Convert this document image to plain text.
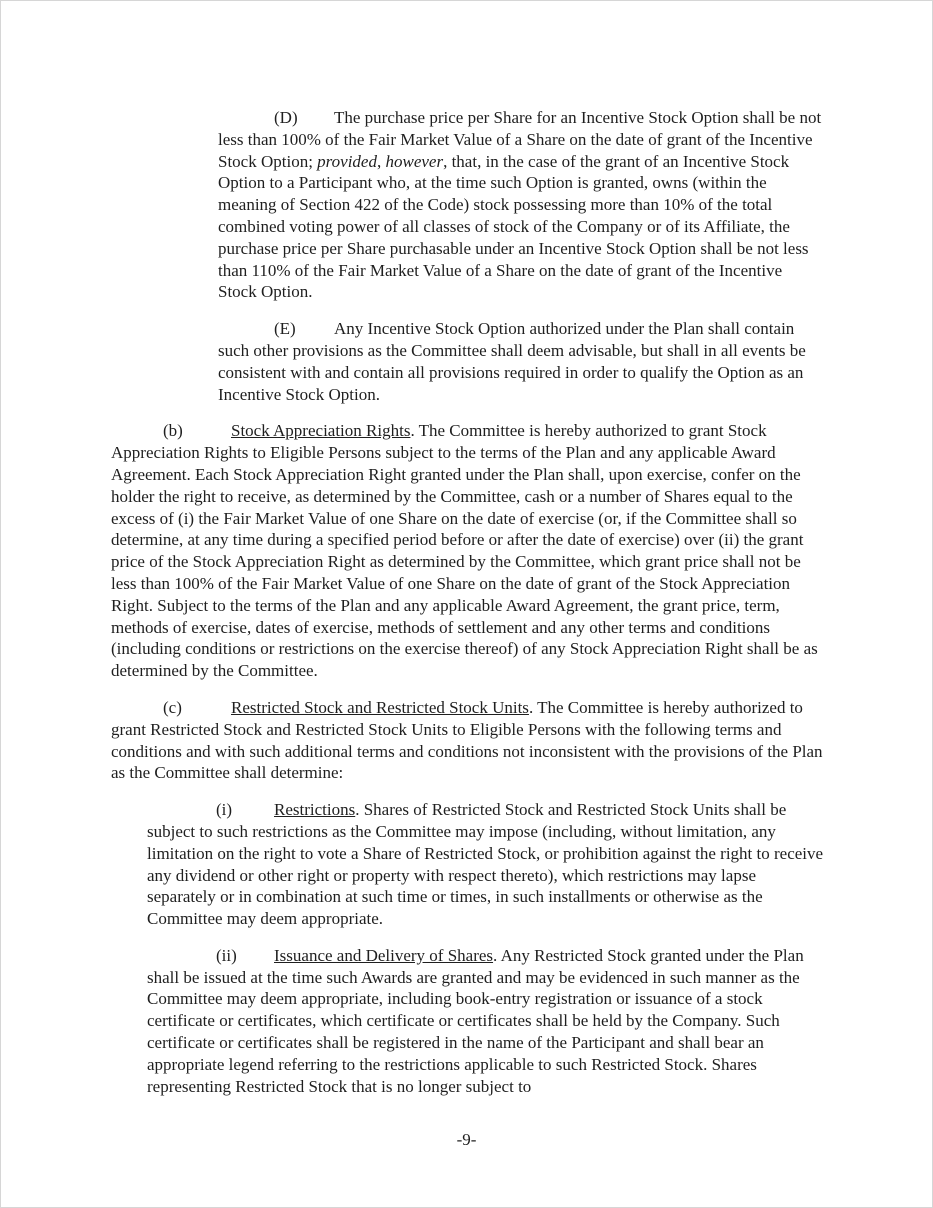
(D) The purchase price per Share for an Incentive Stock Option shall be not less than 100% of the Fair Market Value of a Share on the date of grant of the Incentive Stock Option; provided, however, that, in the case of the grant of an Incentive Stock Option to a Participant who, at the time such Option is granted, owns (within the meaning of Section 422 of the Code) stock possessing more than 10% of the total combined voting power of all classes of stock of the Company or of its Affiliate, the purchase price per Share purchasable under an Incentive Stock Option shall be not less than 110% of the Fair Market Value of a Share on the date of grant of the Incentive Stock Option.

(E) Any Incentive Stock Option authorized under the Plan shall contain such other provisions as the Committee shall deem advisable, but shall in all events be consistent with and contain all provisions required in order to qualify the Option as an Incentive Stock Option.

(b)	Stock Appreciation Rights. The Committee is hereby authorized to grant Stock Appreciation Rights to Eligible Persons subject to the terms of the Plan and any applicable Award Agreement. Each Stock Appreciation Right granted under the Plan shall, upon exercise, confer on the holder the right to receive, as determined by the Committee, cash or a number of Shares equal to the excess of (i) the Fair Market Value of one Share on the date of exercise (or, if the Committee shall so determine, at any time during a specified period before or after the date of exercise) over (ii) the grant price of the Stock Appreciation Right as determined by the Committee, which grant price shall not be less than 100% of the Fair Market Value of one Share on the date of grant of the Stock Appreciation Right. Subject to the terms of the Plan and any applicable Award Agreement, the grant price, term, methods of exercise, dates of exercise, methods of settlement and any other terms and conditions (including conditions or restrictions on the exercise thereof) of any Stock Appreciation Right shall be as determined by the Committee.

(c)	Restricted Stock and Restricted Stock Units. The Committee is hereby authorized to grant Restricted Stock and Restricted Stock Units to Eligible Persons with the following terms and conditions and with such additional terms and conditions not inconsistent with the provisions of the Plan as the Committee shall determine:

(i) Restrictions. Shares of Restricted Stock and Restricted Stock Units shall be subject to such restrictions as the Committee may impose (including, without limitation, any limitation on the right to vote a Share of Restricted Stock, or prohibition against the right to receive any dividend or other right or property with respect thereto), which restrictions may lapse separately or in combination at such time or times, in such installments or otherwise as the Committee may deem appropriate.

(ii) Issuance and Delivery of Shares. Any Restricted Stock granted under the Plan shall be issued at the time such Awards are granted and may be evidenced in such manner as the Committee may deem appropriate, including book-entry registration or issuance of a stock certificate or certificates, which certificate or certificates shall be held by the Company. Such certificate or certificates shall be registered in the name of the Participant and shall bear an appropriate legend referring to the restrictions applicable to such Restricted Stock. Shares representing Restricted Stock that is no longer subject to

-9-
